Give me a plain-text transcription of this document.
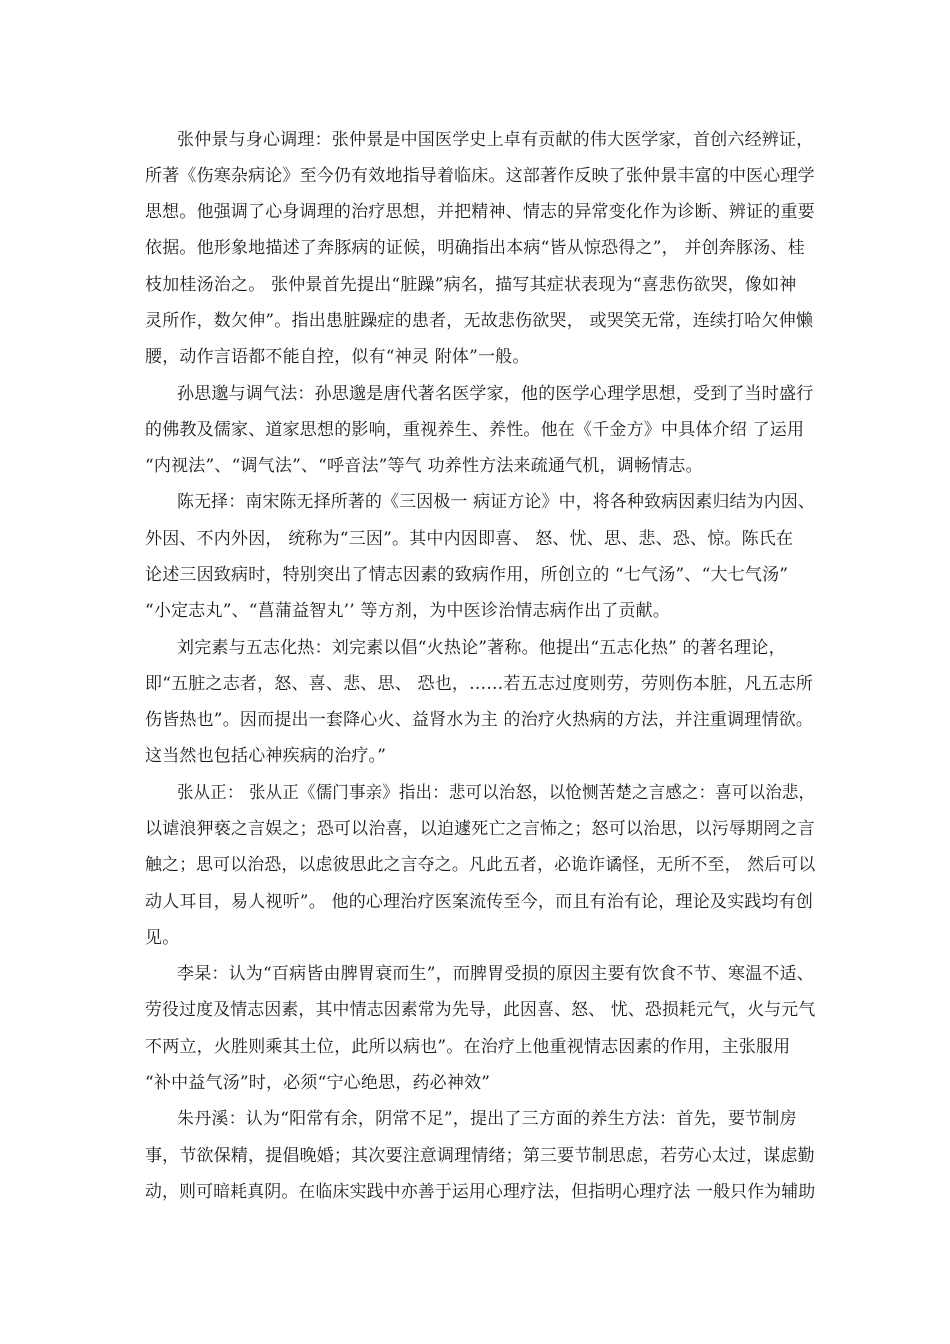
张仲景与身心调理：张仲景是中国医学史上卓有贡献的伟大医学家，首创六经辨证，
所著《伤寒杂病论》至今仍有效地指导着临床。这部著作反映了张仲景丰富的中医心理学
思想。他强调了心身调理的治疗思想，并把精神、情志的异常变化作为诊断、辨证的重要
依据。他形象地描述了奔豚病的证候，明确指出本病“皆从惊恐得之”， 并创奔豚汤、桂
枝加桂汤治之。 张仲景首先提出“脏躁”病名，描写其症状表现为“喜悲伤欲哭，像如神
灵所作，数欠伸”。指出患脏躁症的患者，无故悲伤欲哭， 或哭笑无常，连续打哈欠伸懒
腰，动作言语都不能自控，似有“神灵 附体”一般。
孙思邈与调气法：孙思邈是唐代著名医学家，他的医学心理学思想，受到了当时盛行
的佛教及儒家、道家思想的影响，重视养生、养性。他在《千金方》中具体介绍 了运用
“内视法”、“调气法”、“呼音法”等气 功养性方法来疏通气机，调畅情志。
陈无择：南宋陈无择所著的《三因极一 病证方论》中，将各种致病因素归结为内因、
外因、不内外因， 统称为“三因”。其中内因即喜、 怒、忧、思、悲、恐、惊。陈氏在
论述三因致病时，特别突出了情志因素的致病作用，所创立的 “七气汤”、“大七气汤”
“小定志丸”、“菖蒲益智丸’’ 等方剂，为中医诊治情志病作出了贡献。
刘完素与五志化热：刘完素以倡“火热论”著称。他提出“五志化热” 的著名理论，
即“五脏之志者，怒、喜、悲、思、 恐也，……若五志过度则劳，劳则伤本脏，凡五志所
伤皆热也”。因而提出一套降心火、益肾水为主 的治疗火热病的方法，并注重调理情欲。
这当然也包括心神疾病的治疗。”
张从正： 张从正《儒门事亲》指出：悲可以治怒，以怆恻苦楚之言感之：喜可以治悲，
以谑浪狎亵之言娱之；恐可以治喜，以迫遽死亡之言怖之；怒可以治思，以污辱期罔之言
触之；思可以治恐，以虑彼思此之言夺之。凡此五者，必诡诈谲怪，无所不至， 然后可以
动人耳目，易人视听”。 他的心理治疗医案流传至今，而且有治有论，理论及实践均有创
见。
李杲：认为“百病皆由脾胃衰而生”，而脾胃受损的原因主要有饮食不节、寒温不适、
劳役过度及情志因素，其中情志因素常为先导，此因喜、怒、 忧、恐损耗元气，火与元气
不两立，火胜则乘其土位，此所以病也”。在治疗上他重视情志因素的作用，主张服用
“补中益气汤”时，必须“宁心绝思，药必神效”
朱丹溪：认为“阳常有余，阴常不足”，提出了三方面的养生方法：首先，要节制房
事，节欲保精，提倡晚婚；其次要注意调理情绪；第三要节制思虑，若劳心太过，谋虑勤
动，则可暗耗真阴。在临床实践中亦善于运用心理疗法，但指明心理疗法 一般只作为辅助
